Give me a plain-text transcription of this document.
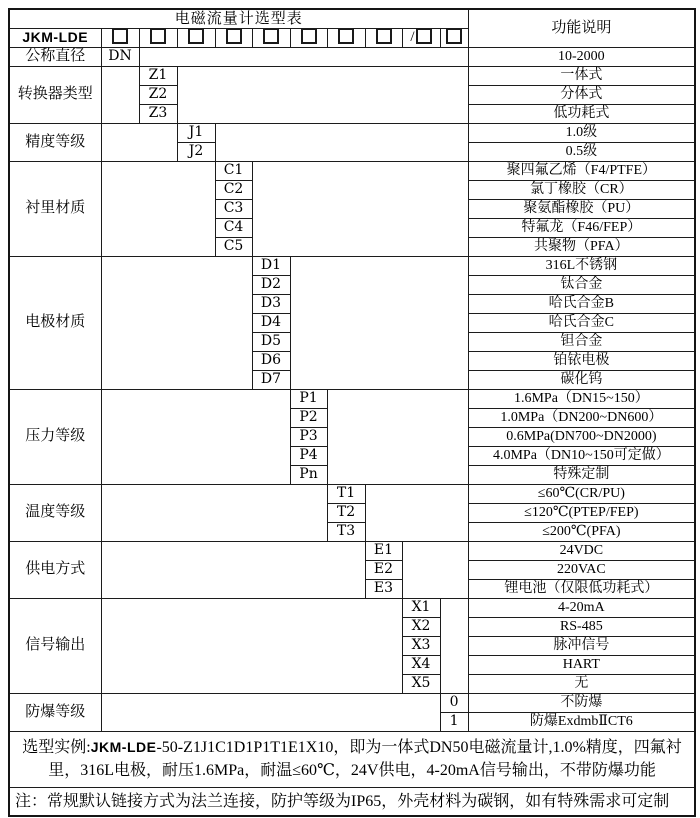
电磁流量计选型表											功能说明
JKM-LDE									/		
公称直径	DN										10-2000
转换器类型		Z1									一体式
		Z2									分体式
		Z3									低功耗式
精度等级			J1								1.0级
			J2								0.5级
衬里材质				C1							聚四氟乙烯（F4/PTFE）
				C2							氯丁橡胶（CR）
				C3							聚氨酯橡胶（PU）
				C4							特氟龙（F46/FEP）
				C5							共聚物（PFA）
电极材质					D1						316L不锈钢
					D2						钛合金
					D3						哈氏合金B
					D4						哈氏合金C
					D5						钽合金
					D6						铂铱电极
					D7						碳化钨
压力等级						P1					1.6MPa（DN15~150）
						P2					1.0MPa（DN200~DN600）
						P3					0.6MPa(DN700~DN2000)
						P4					4.0MPa（DN10~150可定做）
						Pn					特殊定制
温度等级							T1				≤60℃(CR/PU)
							T2				≤120℃(PTEP/FEP)
							T3				≤200℃(PFA)
供电方式								E1			24VDC
								E2			220VAC
								E3			锂电池（仅限低功耗式）
信号输出									X1		4-20mA
									X2		RS-485
									X3		脉冲信号
									X4		HART
									X5		无
防爆等级										0	不防爆
										1	防爆ExdmbⅡCT6
选型实例:JKM-LDE-50-Z1J1C1D1P1T1E1X10，即为一体式DN50电磁流量计,1.0%精度，四氟衬里，316L电极，耐压1.6MPa，耐温≤60℃，24V供电，4-20mA信号输出，不带防爆功能											
注：常规默认链接方式为法兰连接，防护等级为IP65，外壳材料为碳钢，如有特殊需求可定制											
